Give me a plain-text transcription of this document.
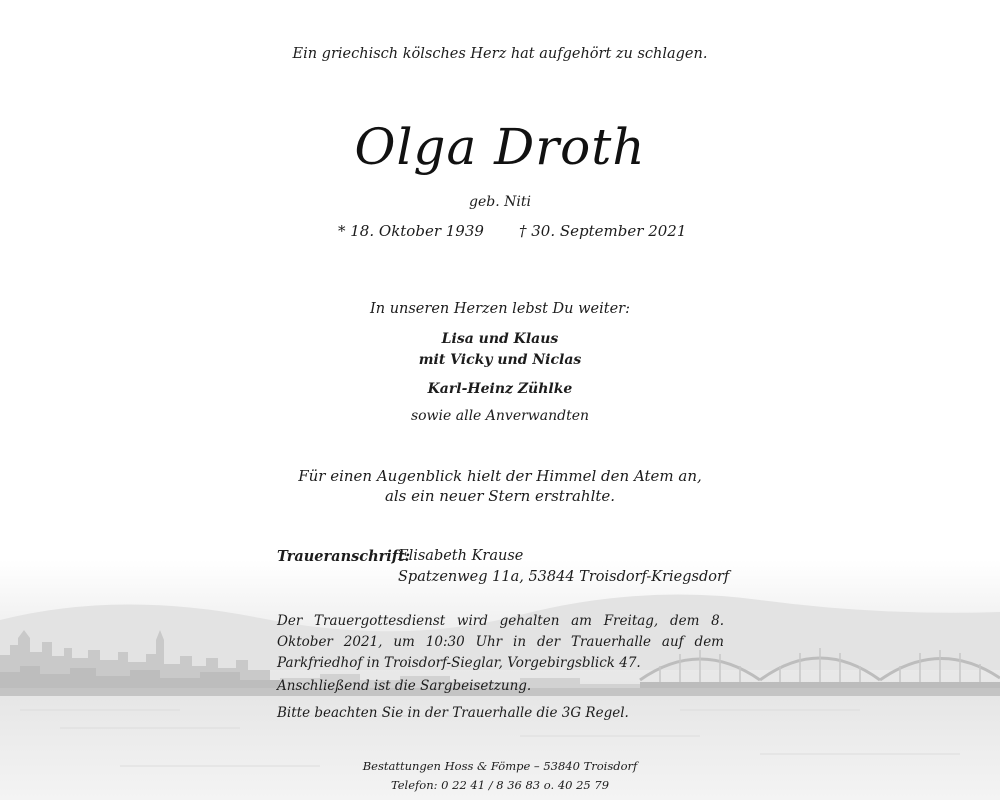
Ein griechisch kölsches Herz hat aufgehört zu schlagen.
Olga Droth
geb. Niti
* 18. Oktober 1939 † 30. September 2021
In unseren Herzen lebst Du weiter:
Lisa und Klaus
mit Vicky und Niclas
Karl-Heinz Zühlke
sowie alle Anverwandten
Für einen Augenblick hielt der Himmel den Atem an,
als ein neuer Stern erstrahlte.
Traueranschrift:
Elisabeth Krause
Spatzenweg 11a, 53844 Troisdorf-Kriegsdorf
Der Trauergottesdienst wird gehalten am Freitag, dem 8. Oktober 2021, um 10:30 Uhr in der Trauerhalle auf dem Parkfriedhof in Troisdorf-Sieglar, Vorgebirgsblick 47.
Anschließend ist die Sargbeisetzung.
Bitte beachten Sie in der Trauerhalle die 3G Regel.
Bestattungen Hoss & Fömpe – 53840 Troisdorf
Telefon: 0 22 41 / 8 36 83 o. 40 25 79
